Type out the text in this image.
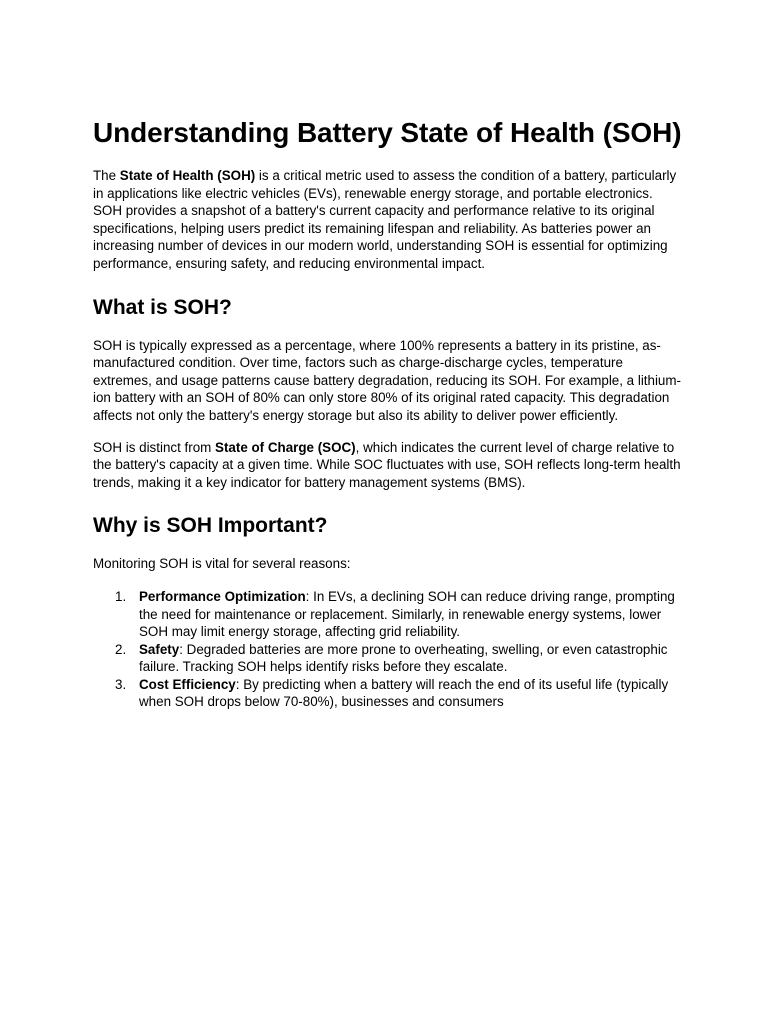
Understanding Battery State of Health (SOH)

The State of Health (SOH) is a critical metric used to assess the condition of a battery, particularly in applications like electric vehicles (EVs), renewable energy storage, and portable electronics. SOH provides a snapshot of a battery's current capacity and performance relative to its original specifications, helping users predict its remaining lifespan and reliability. As batteries power an increasing number of devices in our modern world, understanding SOH is essential for optimizing performance, ensuring safety, and reducing environmental impact.

What is SOH?

SOH is typically expressed as a percentage, where 100% represents a battery in its pristine, as-manufactured condition. Over time, factors such as charge-discharge cycles, temperature extremes, and usage patterns cause battery degradation, reducing its SOH. For example, a lithium-ion battery with an SOH of 80% can only store 80% of its original rated capacity. This degradation affects not only the battery's energy storage but also its ability to deliver power efficiently.

SOH is distinct from State of Charge (SOC), which indicates the current level of charge relative to the battery's capacity at a given time. While SOC fluctuates with use, SOH reflects long-term health trends, making it a key indicator for battery management systems (BMS).

Why is SOH Important?

Monitoring SOH is vital for several reasons:

1. Performance Optimization: In EVs, a declining SOH can reduce driving range, prompting the need for maintenance or replacement. Similarly, in renewable energy systems, lower SOH may limit energy storage, affecting grid reliability.
2. Safety: Degraded batteries are more prone to overheating, swelling, or even catastrophic failure. Tracking SOH helps identify risks before they escalate.
3. Cost Efficiency: By predicting when a battery will reach the end of its useful life (typically when SOH drops below 70-80%), businesses and consumers
